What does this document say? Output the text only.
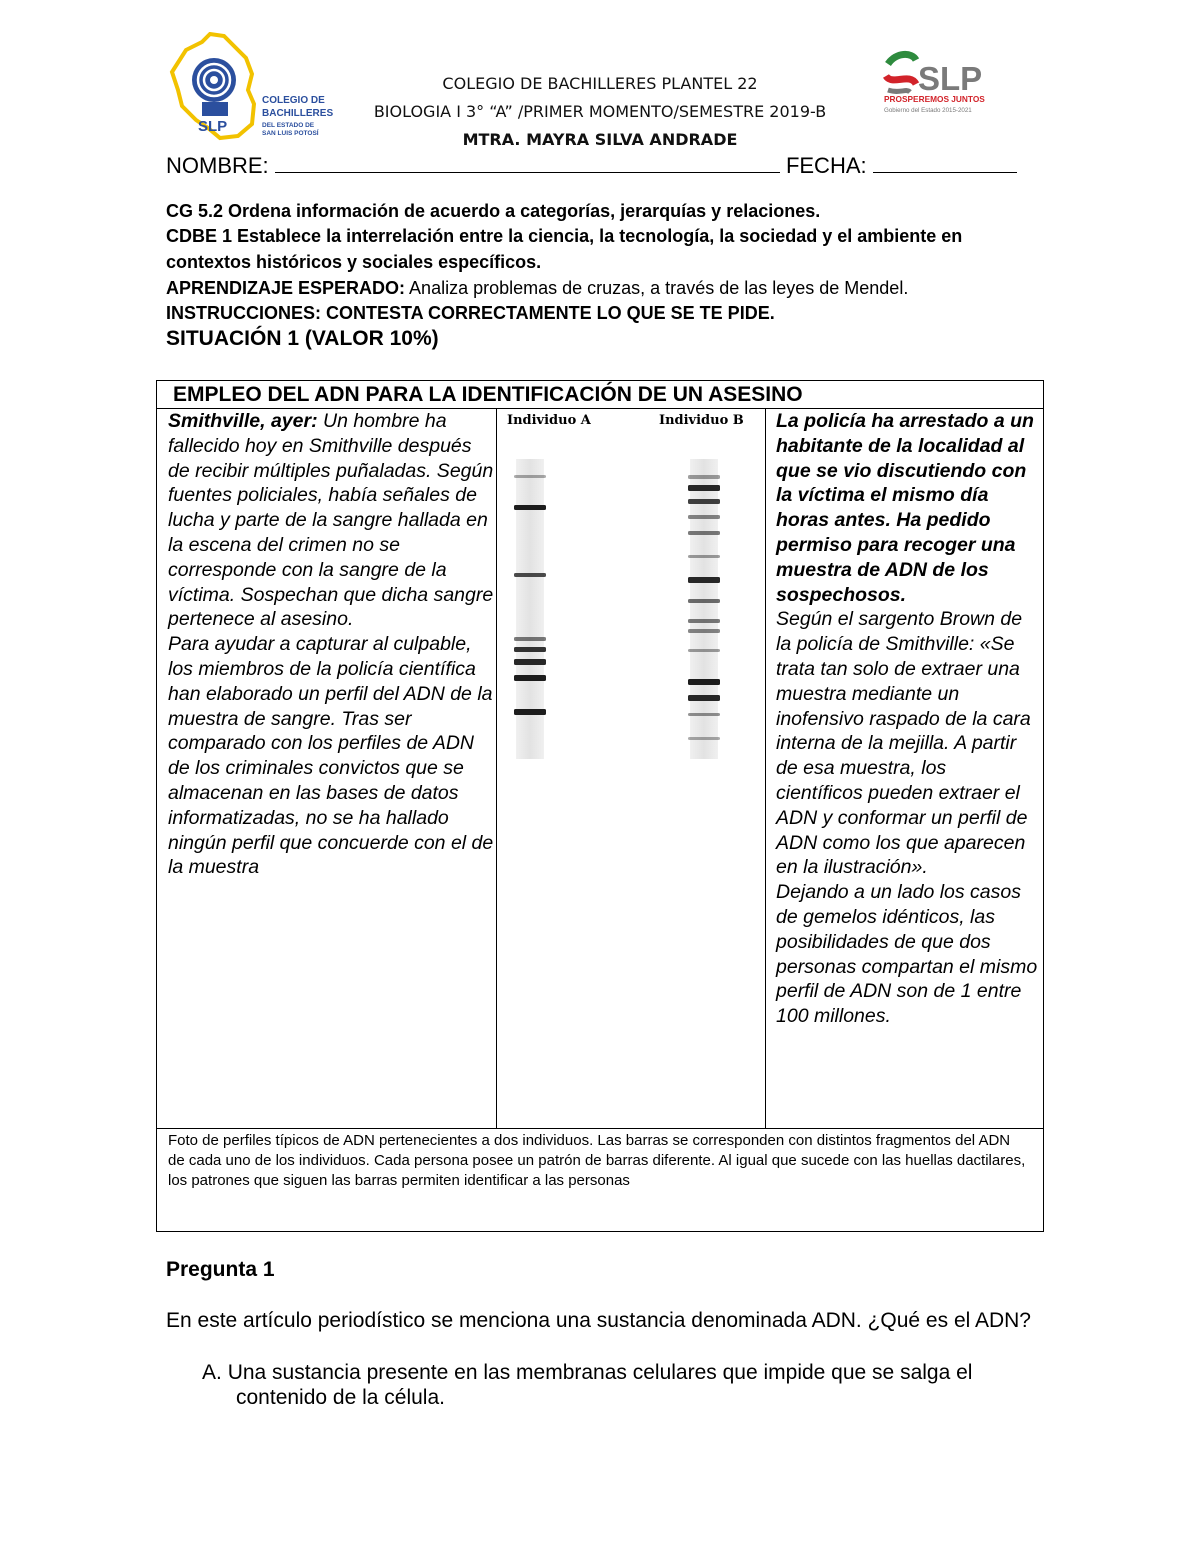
SLP
COLEGIO DE
BACHILLERES
DEL ESTADO DE
SAN LUIS POTOSÍ
SLP
PROSPEREMOS JUNTOS
Gobierno del Estado 2015-2021
COLEGIO DE BACHILLERES PLANTEL 22
BIOLOGIA I 3° “A” /PRIMER MOMENTO/SEMESTRE 2019-B
MTRA. MAYRA SILVA ANDRADE
NOMBRE:	FECHA:
CG 5.2 Ordena información de acuerdo a categorías, jerarquías y relaciones.
CDBE 1 Establece la interrelación entre la ciencia, la tecnología, la sociedad y el ambiente en contextos históricos y sociales específicos.
APRENDIZAJE ESPERADO: Analiza problemas de cruzas, a través de las leyes de Mendel.
INSTRUCCIONES: CONTESTA CORRECTAMENTE LO QUE SE TE PIDE.
SITUACIÓN 1 (VALOR 10%)
EMPLEO DEL ADN PARA LA IDENTIFICACIÓN DE UN ASESINO
Smithville, ayer: Un hombre ha fallecido hoy en Smithville después de recibir múltiples puñaladas. Según fuentes policiales, había señales de lucha y parte de la sangre hallada en la escena del crimen no se corresponde con la sangre de la víctima. Sospechan que dicha sangre pertenece al asesino.
Para ayudar a capturar al culpable, los miembros de la policía científica han elaborado un perfil del ADN de la muestra de sangre. Tras ser comparado con los perfiles de ADN de los criminales convictos que se almacenan en las bases de datos informatizadas, no se ha hallado ningún perfil que concuerde con el de la muestra
Individuo A	Individuo B La policía ha arrestado a un habitante de la localidad al que se vio discutiendo con la víctima el mismo día horas antes. Ha pedido permiso para recoger una muestra de ADN de los sospechosos.
Según el sargento Brown de la policía de Smithville: «Se trata tan solo de extraer una muestra mediante un inofensivo raspado de la cara interna de la mejilla. A partir de esa muestra, los científicos pueden extraer el ADN y conformar un perfil de ADN como los que aparecen en la ilustración».
Dejando a un lado los casos de gemelos idénticos, las posibilidades de que dos personas compartan el mismo perfil de ADN son de 1 entre 100 millones.
Foto de perfiles típicos de ADN pertenecientes a dos individuos. Las barras se corresponden con distintos fragmentos del ADN de cada uno de los individuos. Cada persona posee un patrón de barras diferente. Al igual que sucede con las huellas dactilares, los patrones que siguen las barras permiten identificar a las personas
Pregunta 1
En este artículo periodístico se menciona una sustancia denominada ADN. ¿Qué es el ADN?
A. Una sustancia presente en las membranas celulares que impide que se salga el
contenido de la célula.
